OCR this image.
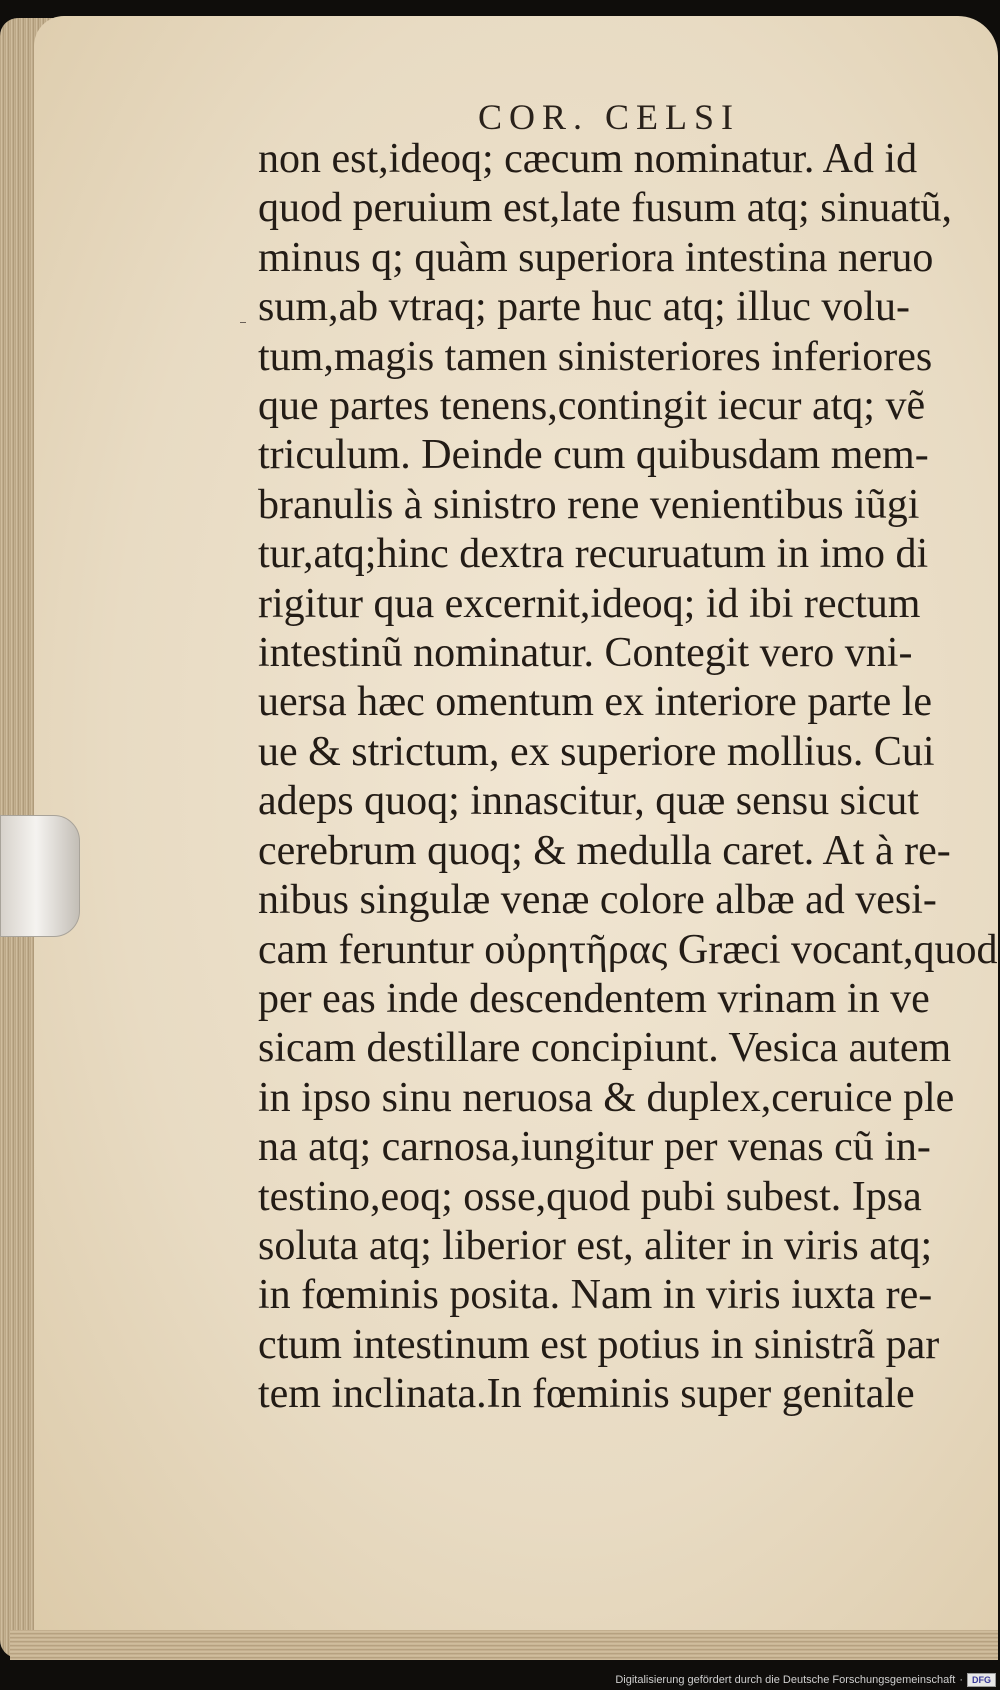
COR. CELSI
non est,ideoq; cæcum nominatur. Ad id
quod peruium est,late fusum atq; sinuatũ,
minus q; quàm superiora intestina neruo
sum,ab vtraq; parte huc atq; illuc volu-
tum,magis tamen sinisteriores inferiores
que partes tenens,contingit iecur atq; vẽ
triculum. Deinde cum quibusdam mem-
branulis à sinistro rene venientibus iũgi
tur,atq;hinc dextra recuruatum in imo di
rigitur qua excernit,ideoq; id ibi rectum
intestinũ nominatur. Contegit vero vni-
uersa hæc omentum ex interiore parte le
ue & strictum, ex superiore mollius. Cui
adeps quoq; innascitur, quæ sensu sicut
cerebrum quoq; & medulla caret. At à re-
nibus singulæ venæ colore albæ ad vesi-
cam feruntur οὐρητῆρας Græci vocant,quod
per eas inde descendentem vrinam in ve
sicam destillare concipiunt. Vesica autem
in ipso sinu neruosa & duplex,ceruice ple
na atq; carnosa,iungitur per venas cũ in-
testino,eoq; osse,quod pubi subest. Ipsa
soluta atq; liberior est, aliter in viris atq;
in fœminis posita. Nam in viris iuxta re-
ctum intestinum est potius in sinistrã par
tem inclinata.In fœminis super genitale
Digitalisierung gefördert durch die Deutsche Forschungsgemeinschaft ·	DFG
